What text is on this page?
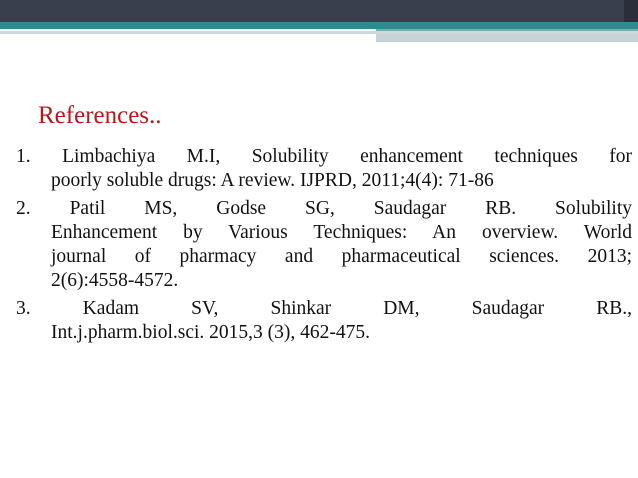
References..
1. Limbachiya M.I, Solubility enhancement techniques for
poorly soluble drugs: A review. IJPRD, 2011;4(4): 71-86
2. Patil MS, Godse SG, Saudagar RB. Solubility
Enhancement by Various Techniques: An overview. World
journal of pharmacy and pharmaceutical sciences. 2013;
2(6):4558-4572.
3.	Kadam SV, Shinkar DM, Saudagar RB.,
Int.j.pharm.biol.sci. 2015,3 (3), 462-475.
